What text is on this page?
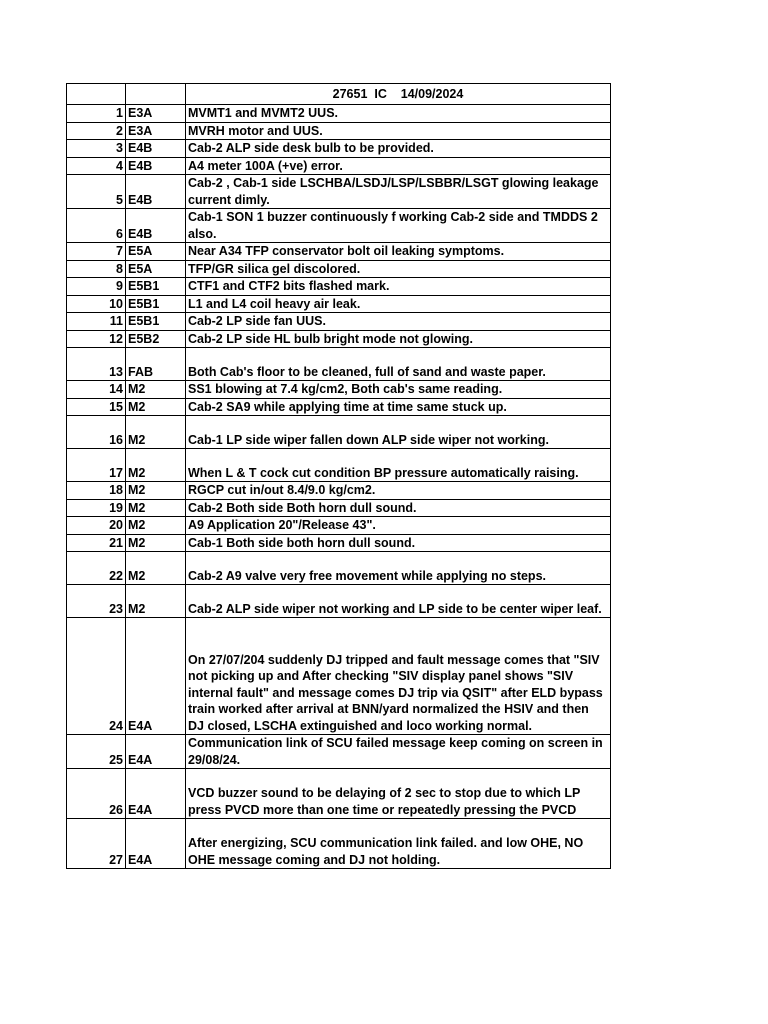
		27651  IC    14/09/2024
1	E3A	MVMT1 and MVMT2 UUS.
2	E3A	MVRH motor and UUS.
3	E4B	Cab-2 ALP side desk bulb to be provided.
4	E4B	A4 meter 100A (+ve) error.
5	E4B	Cab-2 , Cab-1 side LSCHBA/LSDJ/LSP/LSBBR/LSGT glowing leakage current dimly.
6	E4B	Cab-1 SON 1 buzzer continuously f working Cab-2 side and TMDDS 2 also.
7	E5A	Near A34 TFP conservator bolt oil leaking symptoms.
8	E5A	TFP/GR silica gel discolored.
9	E5B1	CTF1 and CTF2 bits flashed mark.
10	E5B1	L1 and L4 coil heavy air leak.
11	E5B1	Cab-2 LP side fan UUS.
12	E5B2	Cab-2 LP side HL bulb bright mode not glowing.
13	FAB	Both Cab's floor to be cleaned, full of sand and waste paper.
14	M2	SS1 blowing at 7.4 kg/cm2, Both cab's same reading.
15	M2	Cab-2 SA9 while applying time at time same stuck up.
16	M2	Cab-1 LP side wiper fallen down ALP side wiper not working.
17	M2	When L & T cock cut condition BP pressure automatically raising.
18	M2	RGCP cut in/out 8.4/9.0 kg/cm2.
19	M2	Cab-2 Both side Both horn dull sound.
20	M2	A9 Application 20"/Release 43".
21	M2	Cab-1 Both side both horn dull sound.
22	M2	Cab-2 A9 valve very free movement while applying no steps.
23	M2	Cab-2 ALP side wiper not working and LP side to be center wiper leaf.
24	E4A	On 27/07/204 suddenly DJ tripped and fault message comes that "SIV not picking up and After checking "SIV display panel shows "SIV internal fault" and message comes DJ trip via QSIT" after ELD bypass train worked after arrival at BNN/yard normalized the HSIV and then DJ closed, LSCHA extinguished and loco working normal.
25	E4A	Communication link of SCU failed message keep coming on screen in 29/08/24.
26	E4A	VCD buzzer sound to be delaying of 2 sec to stop due to which LP press PVCD more than one time or repeatedly pressing the PVCD
27	E4A	After energizing, SCU communication link failed. and low OHE, NO OHE message coming and DJ not holding.
